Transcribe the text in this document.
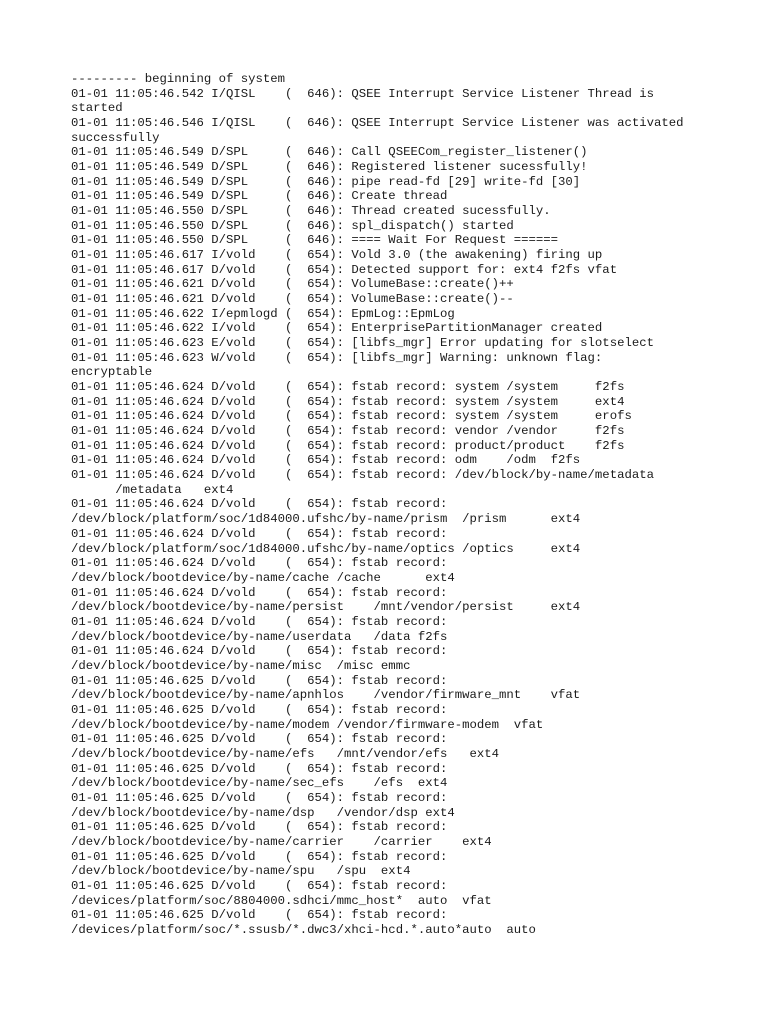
--------- beginning of system
01-01 11:05:46.542 I/QISL    (  646): QSEE Interrupt Service Listener Thread is
started
01-01 11:05:46.546 I/QISL    (  646): QSEE Interrupt Service Listener was activated
successfully
01-01 11:05:46.549 D/SPL     (  646): Call QSEECom_register_listener()
01-01 11:05:46.549 D/SPL     (  646): Registered listener sucessfully!
01-01 11:05:46.549 D/SPL     (  646): pipe read-fd [29] write-fd [30]
01-01 11:05:46.549 D/SPL     (  646): Create thread
01-01 11:05:46.550 D/SPL     (  646): Thread created sucessfully.
01-01 11:05:46.550 D/SPL     (  646): spl_dispatch() started
01-01 11:05:46.550 D/SPL     (  646): ==== Wait For Request ======
01-01 11:05:46.617 I/vold    (  654): Vold 3.0 (the awakening) firing up
01-01 11:05:46.617 D/vold    (  654): Detected support for: ext4 f2fs vfat
01-01 11:05:46.621 D/vold    (  654): VolumeBase::create()++
01-01 11:05:46.621 D/vold    (  654): VolumeBase::create()--
01-01 11:05:46.622 I/epmlogd (  654): EpmLog::EpmLog
01-01 11:05:46.622 I/vold    (  654): EnterprisePartitionManager created
01-01 11:05:46.623 E/vold    (  654): [libfs_mgr] Error updating for slotselect
01-01 11:05:46.623 W/vold    (  654): [libfs_mgr] Warning: unknown flag:
encryptable
01-01 11:05:46.624 D/vold    (  654): fstab record: system /system     f2fs
01-01 11:05:46.624 D/vold    (  654): fstab record: system /system     ext4
01-01 11:05:46.624 D/vold    (  654): fstab record: system /system     erofs
01-01 11:05:46.624 D/vold    (  654): fstab record: vendor /vendor     f2fs
01-01 11:05:46.624 D/vold    (  654): fstab record: product/product    f2fs
01-01 11:05:46.624 D/vold    (  654): fstab record: odm    /odm  f2fs
01-01 11:05:46.624 D/vold    (  654): fstab record: /dev/block/by-name/metadata
/metadata   ext4
01-01 11:05:46.624 D/vold    (  654): fstab record:
/dev/block/platform/soc/1d84000.ufshc/by-name/prism  /prism      ext4
01-01 11:05:46.624 D/vold    (  654): fstab record:
/dev/block/platform/soc/1d84000.ufshc/by-name/optics /optics     ext4
01-01 11:05:46.624 D/vold    (  654): fstab record:
/dev/block/bootdevice/by-name/cache /cache      ext4
01-01 11:05:46.624 D/vold    (  654): fstab record:
/dev/block/bootdevice/by-name/persist    /mnt/vendor/persist     ext4
01-01 11:05:46.624 D/vold    (  654): fstab record:
/dev/block/bootdevice/by-name/userdata   /data f2fs
01-01 11:05:46.624 D/vold    (  654): fstab record:
/dev/block/bootdevice/by-name/misc  /misc emmc
01-01 11:05:46.625 D/vold    (  654): fstab record:
/dev/block/bootdevice/by-name/apnhlos    /vendor/firmware_mnt    vfat
01-01 11:05:46.625 D/vold    (  654): fstab record:
/dev/block/bootdevice/by-name/modem /vendor/firmware-modem  vfat
01-01 11:05:46.625 D/vold    (  654): fstab record:
/dev/block/bootdevice/by-name/efs   /mnt/vendor/efs   ext4
01-01 11:05:46.625 D/vold    (  654): fstab record:
/dev/block/bootdevice/by-name/sec_efs    /efs  ext4
01-01 11:05:46.625 D/vold    (  654): fstab record:
/dev/block/bootdevice/by-name/dsp   /vendor/dsp ext4
01-01 11:05:46.625 D/vold    (  654): fstab record:
/dev/block/bootdevice/by-name/carrier    /carrier    ext4
01-01 11:05:46.625 D/vold    (  654): fstab record:
/dev/block/bootdevice/by-name/spu   /spu  ext4
01-01 11:05:46.625 D/vold    (  654): fstab record:
/devices/platform/soc/8804000.sdhci/mmc_host*  auto  vfat
01-01 11:05:46.625 D/vold    (  654): fstab record:
/devices/platform/soc/*.ssusb/*.dwc3/xhci-hcd.*.auto*auto  auto
